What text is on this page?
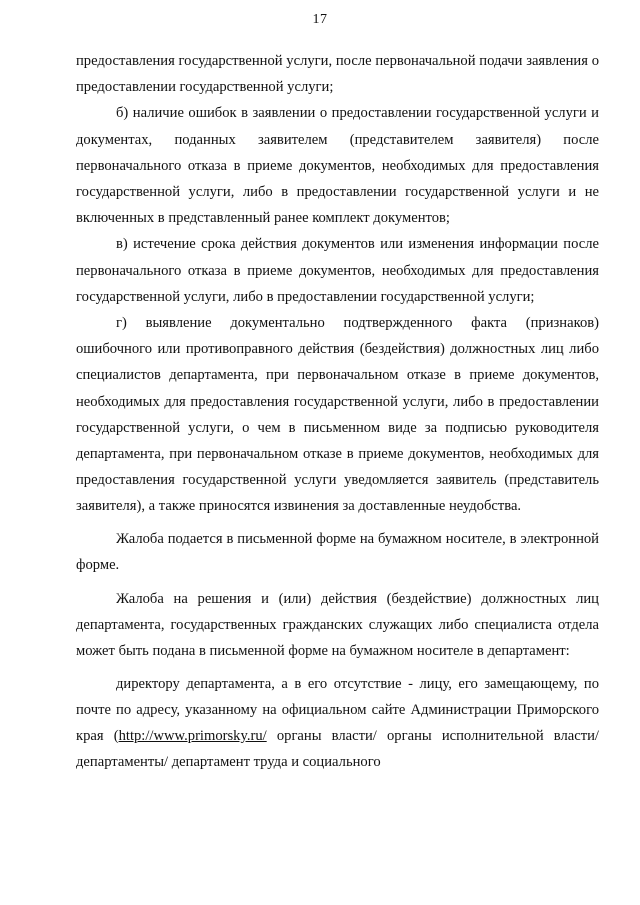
17

предоставления государственной услуги, после первоначальной подачи заявления о предоставлении государственной услуги;

б) наличие ошибок в заявлении о предоставлении государственной услуги и документах, поданных заявителем (представителем заявителя) после первоначального отказа в приеме документов, необходимых для предоставления государственной услуги, либо в предоставлении государственной услуги и не включенных в представленный ранее комплект документов;

в) истечение срока действия документов или изменения информации после первоначального отказа в приеме документов, необходимых для предоставления государственной услуги, либо в предоставлении государственной услуги;

г) выявление документально подтвержденного факта (признаков) ошибочного или противоправного действия (бездействия) должностных лиц либо специалистов департамента, при первоначальном отказе в приеме документов, необходимых для предоставления государственной услуги, либо в предоставлении государственной услуги, о чем в письменном виде за подписью руководителя департамента, при первоначальном отказе в приеме документов, необходимых для предоставления государственной услуги уведомляется заявитель (представитель заявителя), а также приносятся извинения за доставленные неудобства.

Жалоба подается в письменной форме на бумажном носителе, в электронной форме.

Жалоба на решения и (или) действия (бездействие) должностных лиц департамента, государственных гражданских служащих либо специалиста отдела может быть подана в письменной форме на бумажном носителе в департамент:

директору департамента, а в его отсутствие - лицу, его замещающему, по почте по адресу, указанному на официальном сайте Администрации Приморского края (http://www.primorsky.ru/ органы власти/ органы исполнительной власти/ департаменты/ департамент труда и социального
